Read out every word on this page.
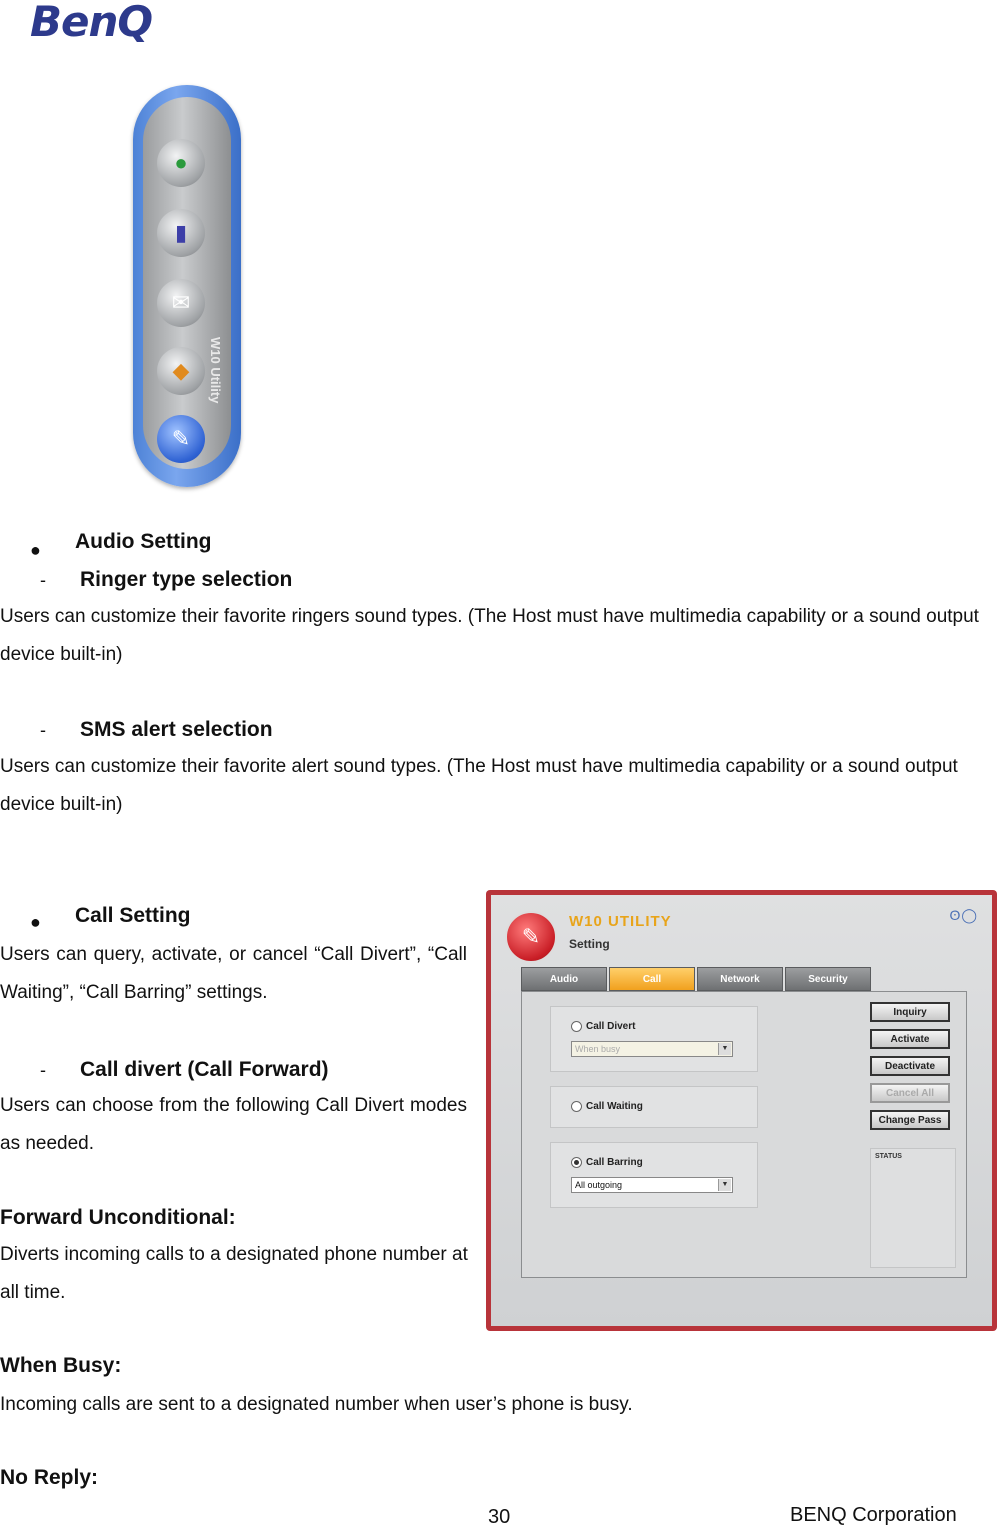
BenQ
●
▮
✉
◆
✎
W10 Utility
● Audio Setting
- Ringer type selection
Users can customize their favorite ringers sound types. (The Host must have multimedia capability or a sound output device built-in)
- SMS alert selection
Users can customize their favorite alert sound types. (The Host must have multimedia capability or a sound output device built-in)
● Call Setting
Users can query, activate, or cancel “Call Divert”, “Call Waiting”, “Call Barring” settings.
- Call divert (Call Forward)
Users can choose from the following Call Divert modes as needed.
Forward Unconditional:
Diverts incoming calls to a designated phone number at all time.
When Busy:
Incoming calls are sent to a designated number when user’s phone is busy.
No Reply:
✎
W10 UTILITY
Setting
ʘ◯
Audio	Call	Network	Security
Call Divert
When busy	▼
Call Waiting
Call Barring
All outgoing	▼
Inquiry
Activate
Deactivate
Cancel All
Change Pass
STATUS
30	BENQ Corporation
